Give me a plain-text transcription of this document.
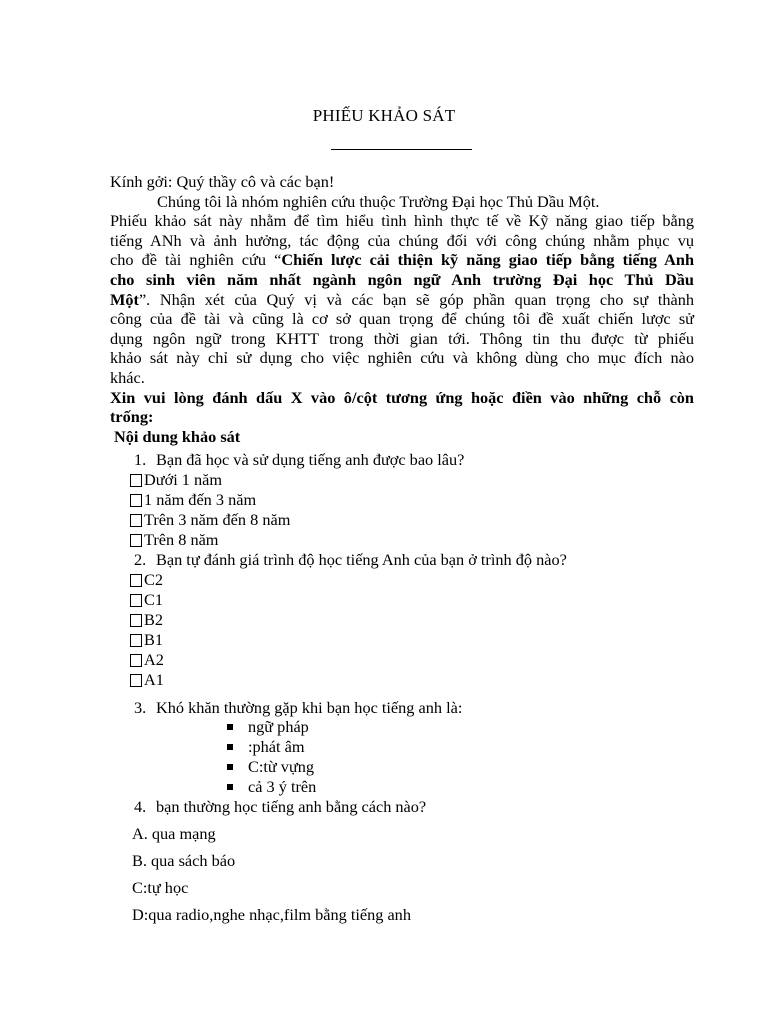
PHIẾU KHẢO SÁT
Kính gởi: Quý thầy cô và các bạn!
Chúng tôi là nhóm nghiên cứu thuộc Trường Đại học Thủ Dầu Một.
Phiếu khảo sát này nhằm để tìm hiểu tình hình thực tế về Kỹ năng giao tiếp bằng
tiếng ANh và ảnh hưởng, tác động của chúng đối với công chúng nhằm phục vụ
cho đề tài nghiên cứu “Chiến lược cải thiện kỹ năng giao tiếp bằng tiếng Anh
cho sinh viên năm nhất ngành ngôn ngữ Anh trường Đại học Thủ Dầu
Một”. Nhận xét của Quý vị và các bạn sẽ góp phần quan trọng cho sự thành
công của đề tài và cũng là cơ sở quan trọng để chúng tôi đề xuất chiến lược sử
dụng ngôn ngữ trong KHTT trong thời gian tới. Thông tin thu được từ phiếu
khảo sát này chỉ sử dụng cho việc nghiên cứu và không dùng cho mục đích nào
khác.
Xin vui lòng đánh dấu X vào ô/cột tương ứng hoặc điền vào những chỗ còn
trống:
Nội dung khảo sát
1. Bạn đã học và sử dụng tiếng anh được bao lâu?
Dưới 1 năm
1 năm đến 3 năm
Trên 3 năm đến 8 năm
Trên 8 năm
2. Bạn tự đánh giá trình độ học tiếng Anh của bạn ở trình độ nào?
C2
C1
B2
B1
A2
A1
3. Khó khăn thường gặp khi bạn học tiếng anh là:
ngữ pháp
:phát âm
C:từ vựng
cả 3 ý trên
4. bạn thường học tiếng anh bằng cách nào?
A. qua mạng
B. qua sách báo
C:tự học
D:qua radio,nghe nhạc,film bằng tiếng anh
